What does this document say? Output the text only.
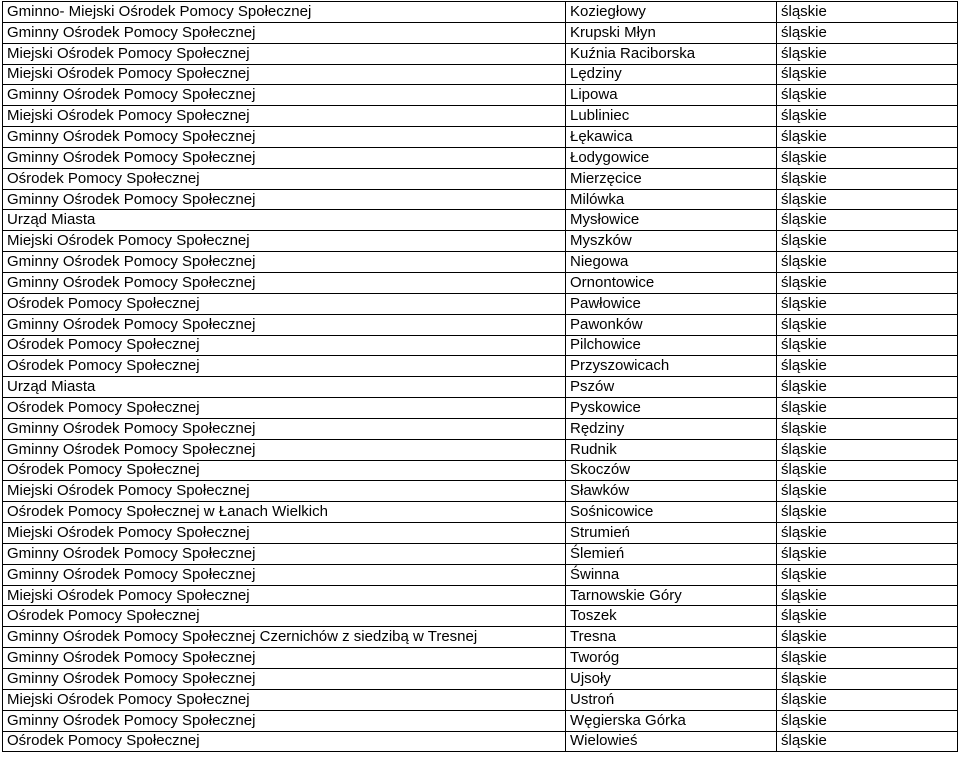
Gminno- Miejski Ośrodek Pomocy Społecznej	Koziegłowy	śląskie
Gminny Ośrodek Pomocy Społecznej	Krupski Młyn	śląskie
Miejski Ośrodek Pomocy Społecznej	Kuźnia Raciborska	śląskie
Miejski Ośrodek Pomocy Społecznej	Lędziny	śląskie
Gminny Ośrodek Pomocy Społecznej	Lipowa	śląskie
Miejski Ośrodek Pomocy Społecznej	Lubliniec	śląskie
Gminny Ośrodek Pomocy Społecznej	Łękawica	śląskie
Gminny Ośrodek Pomocy Społecznej	Łodygowice	śląskie
Ośrodek Pomocy Społecznej	Mierzęcice	śląskie
Gminny Ośrodek Pomocy Społecznej	Milówka	śląskie
Urząd Miasta	Mysłowice	śląskie
Miejski Ośrodek Pomocy Społecznej	Myszków	śląskie
Gminny Ośrodek Pomocy Społecznej	Niegowa	śląskie
Gminny Ośrodek Pomocy Społecznej	Ornontowice	śląskie
Ośrodek Pomocy Społecznej	Pawłowice	śląskie
Gminny Ośrodek Pomocy Społecznej	Pawonków	śląskie
Ośrodek Pomocy Społecznej	Pilchowice	śląskie
Ośrodek Pomocy Społecznej	Przyszowicach	śląskie
Urząd Miasta	Pszów	śląskie
Ośrodek Pomocy Społecznej	Pyskowice	śląskie
Gminny Ośrodek Pomocy Społecznej	Rędziny	śląskie
Gminny Ośrodek Pomocy Społecznej	Rudnik	śląskie
Ośrodek Pomocy Społecznej	Skoczów	śląskie
Miejski Ośrodek Pomocy Społecznej	Sławków	śląskie
Ośrodek Pomocy Społecznej w Łanach Wielkich	Sośnicowice	śląskie
Miejski Ośrodek Pomocy Społecznej	Strumień	śląskie
Gminny Ośrodek Pomocy Społecznej	Ślemień	śląskie
Gminny Ośrodek Pomocy Społecznej	Świnna	śląskie
Miejski Ośrodek Pomocy Społecznej	Tarnowskie Góry	śląskie
Ośrodek Pomocy Społecznej	Toszek	śląskie
Gminny Ośrodek Pomocy Społecznej Czernichów z siedzibą w Tresnej	Tresna	śląskie
Gminny Ośrodek Pomocy Społecznej	Tworóg	śląskie
Gminny Ośrodek Pomocy Społecznej	Ujsoły	śląskie
Miejski Ośrodek Pomocy Społecznej	Ustroń	śląskie
Gminny Ośrodek Pomocy Społecznej	Węgierska Górka	śląskie
Ośrodek Pomocy Społecznej	Wielowieś	śląskie
